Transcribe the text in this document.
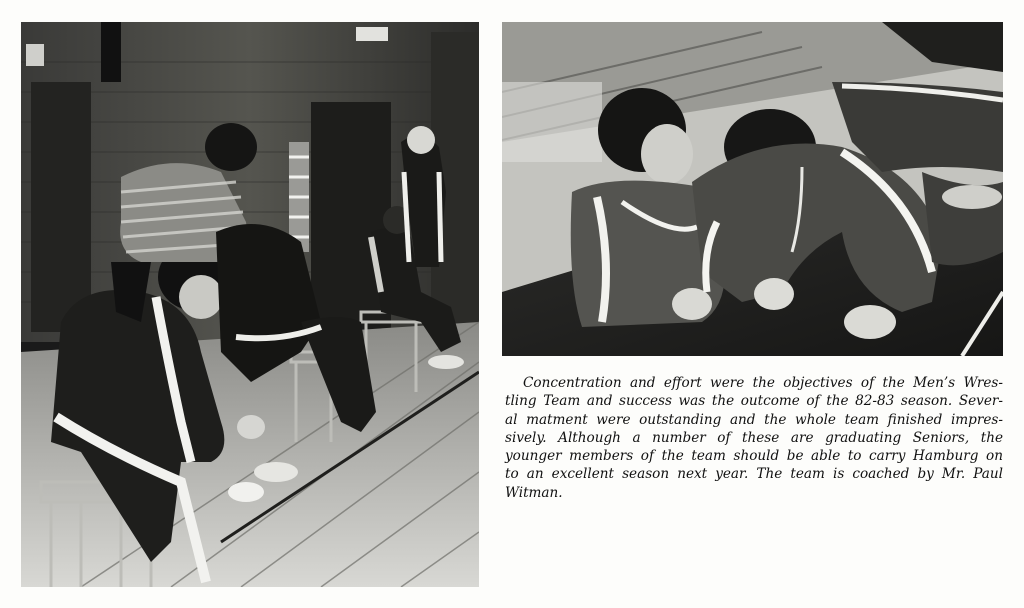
Concentration and effort were the objectives of the Men’s Wres-
tling Team and success was the outcome of the 82-83 season. Sever-
al matment were outstanding and the whole team finished impres-
sively. Although a number of these are graduating Seniors, the
younger members of the team should be able to carry Hamburg on
to an excellent season next year. The team is coached by Mr. Paul
Witman.
